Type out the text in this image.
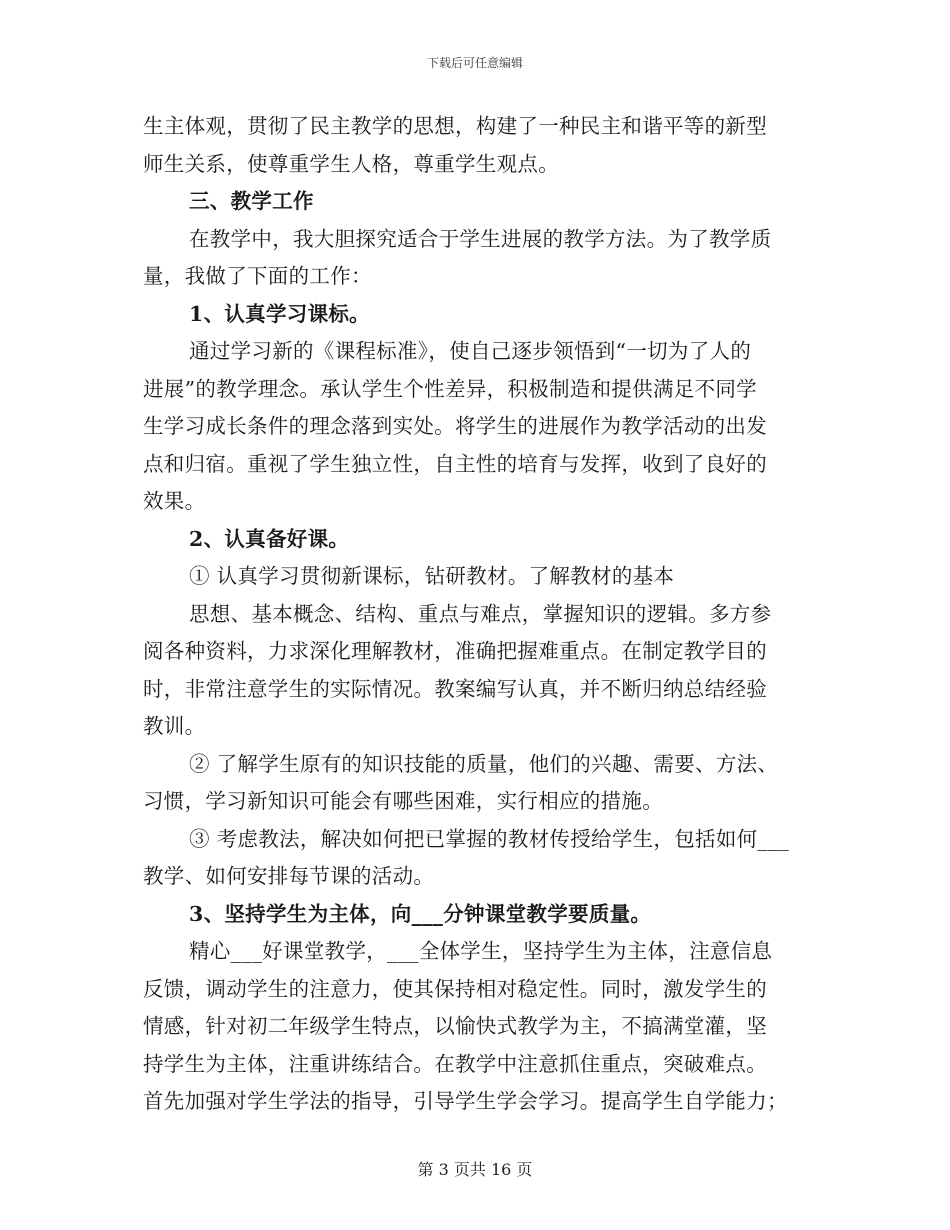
下载后可任意编辑
生主体观，贯彻了民主教学的思想，构建了一种民主和谐平等的新型
师生关系，使尊重学生人格，尊重学生观点。
三、教学工作
在教学中，我大胆探究适合于学生进展的教学方法。为了教学质
量，我做了下面的工作：
1、认真学习课标。
通过学习新的《课程标准》，使自己逐步领悟到“一切为了人的
进展”的教学理念。承认学生个性差异，积极制造和提供满足不同学
生学习成长条件的理念落到实处。将学生的进展作为教学活动的出发
点和归宿。重视了学生独立性，自主性的培育与发挥，收到了良好的
效果。
2、认真备好课。
① 认真学习贯彻新课标，钻研教材。了解教材的基本
思想、基本概念、结构、重点与难点，掌握知识的逻辑。多方参
阅各种资料，力求深化理解教材，准确把握难重点。在制定教学目的
时，非常注意学生的实际情况。教案编写认真，并不断归纳总结经验
教训。
② 了解学生原有的知识技能的质量，他们的兴趣、需要、方法、
习惯，学习新知识可能会有哪些困难，实行相应的措施。
③ 考虑教法，解决如何把已掌握的教材传授给学生，包括如何___
教学、如何安排每节课的活动。
3、坚持学生为主体，向___分钟课堂教学要质量。
精心___好课堂教学，___全体学生，坚持学生为主体，注意信息
反馈，调动学生的注意力，使其保持相对稳定性。同时，激发学生的
情感，针对初二年级学生特点，以愉快式教学为主，不搞满堂灌，坚
持学生为主体，注重讲练结合。在教学中注意抓住重点，突破难点。
首先加强对学生学法的指导，引导学生学会学习。提高学生自学能力；
第 3 页共 16 页
